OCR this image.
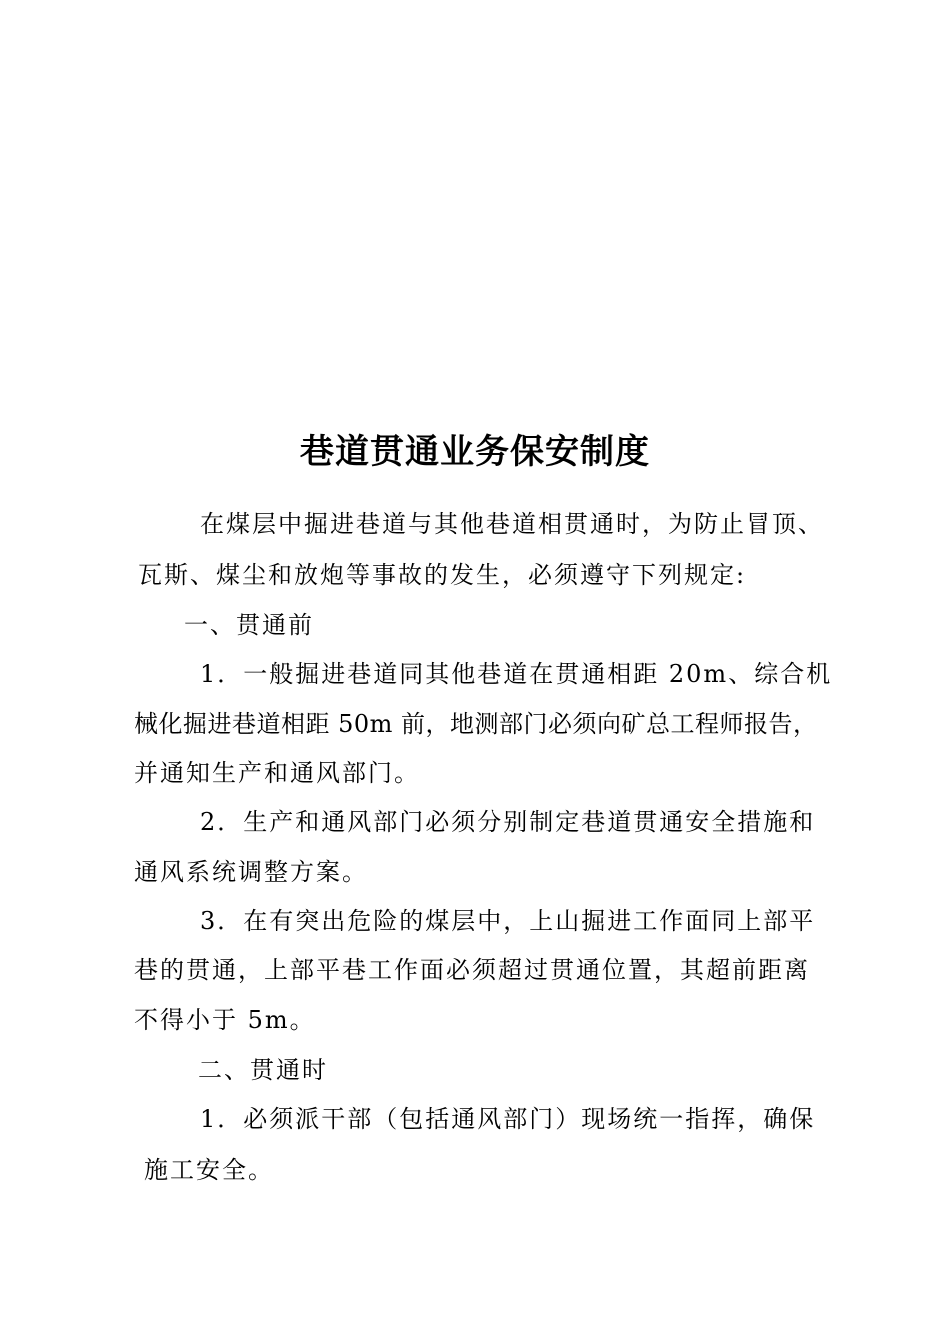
巷道贯通业务保安制度
在煤层中掘进巷道与其他巷道相贯通时，为防止冒顶、
瓦斯、煤尘和放炮等事故的发生，必须遵守下列规定:
一、贯通前
1．一般掘进巷道同其他巷道在贯通相距 20m、综合机
械化掘进巷道相距 50m 前，地测部门必须向矿总工程师报告，
并通知生产和通风部门。
2．生产和通风部门必须分别制定巷道贯通安全措施和
通风系统调整方案。
3．在有突出危险的煤层中，上山掘进工作面同上部平
巷的贯通，上部平巷工作面必须超过贯通位置，其超前距离
不得小于 5m。
二、贯通时
1．必须派干部（包括通风部门）现场统一指挥，确保
施工安全。
